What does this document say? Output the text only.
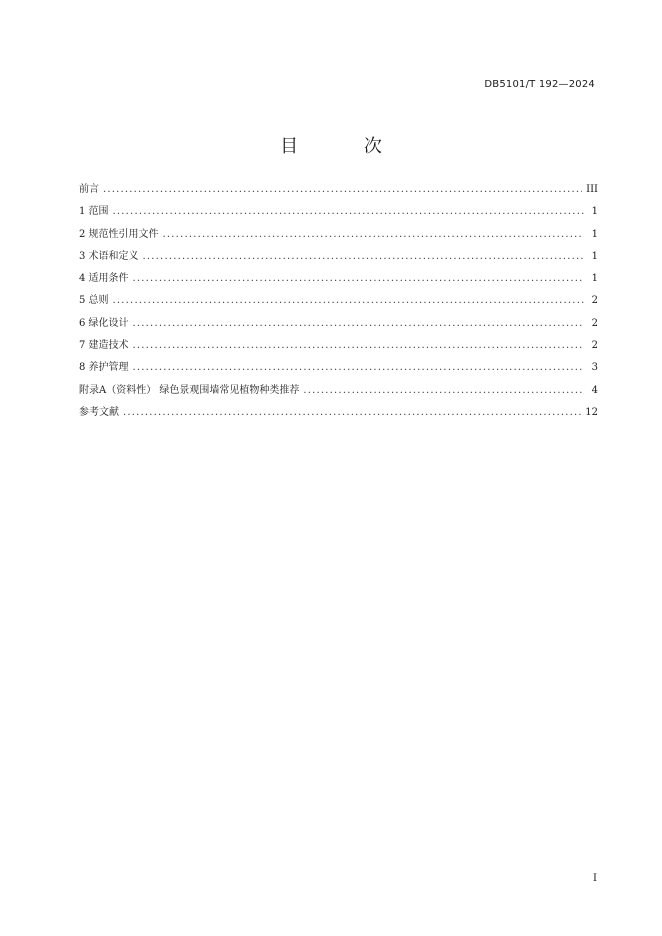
DB5101/T 192—2024
目 次
前言 .....	III
1 范围 .....	1
2 规范性引用文件 .....	1
3 术语和定义 .....	1
4 适用条件 .....	1
5 总则 .....	2
6 绿化设计 .....	2
7 建造技术 .....	2
8 养护管理 .....	3
附录A（资料性） 绿色景观围墙常见植物种类推荐 .....	4
参考文献 .....	12
I
